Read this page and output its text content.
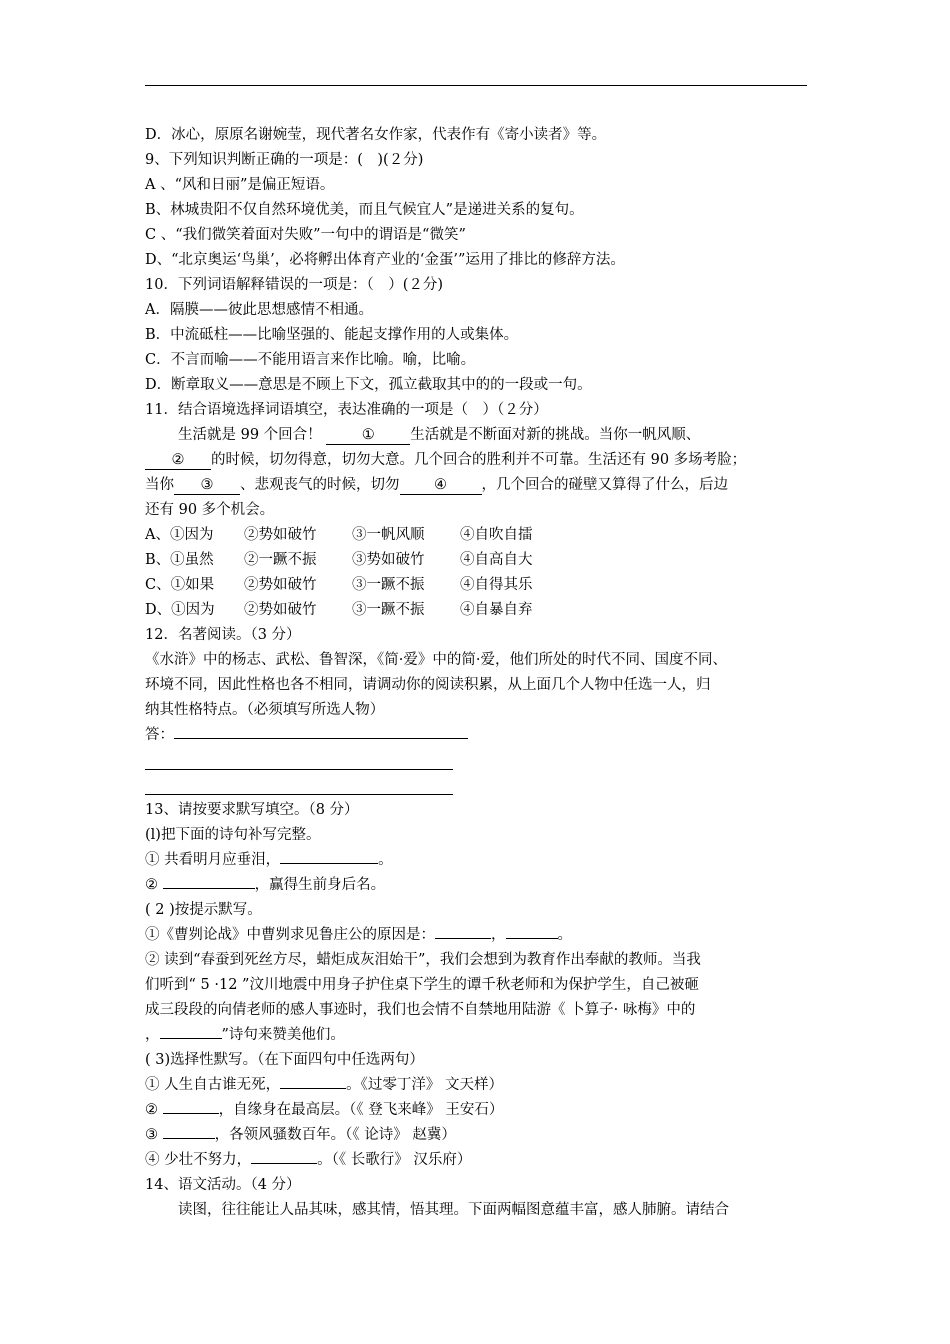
D．冰心，原原名谢婉莹，现代著名女作家，代表作有《寄小读者》等。
9、下列知识判断正确的一项是：(　)(２分)
A 、“风和日丽”是偏正短语。
B、林城贵阳不仅自然环境优美，而且气候宜人”是递进关系的复句。
C 、“我们微笑着面对失败”一句中的谓语是“微笑”
D、“北京奥运‘鸟巢’，必将孵出体育产业的‘金蛋’”运用了排比的修辞方法。
10．下列词语解释错误的一项是：（　）(２分)
A．隔膜——彼此思想感情不相通。
B．中流砥柱——比喻坚强的、能起支撑作用的人或集体。
C．不言而喻——不能用语言来作比喻。喻，比喻。
D．断章取义——意思是不顾上下文，孤立截取其中的的一段或一句。
11．结合语境选择词语填空，表达准确的一项是（　）（２分）
生活就是 99 个回合！	① 生活就是不断面对新的挑战。当你一帆风顺、
② 的时候，切勿得意，切勿大意。几个回合的胜利并不可靠。生活还有 90 多场考脸；
当你 ③ 、悲观丧气的时候，切勿 ④ ，几个回合的碰壁又算得了什么，后边
还有 90 多个机会。
A、①因为 ②势如破竹 ③一帆风顺 ④自吹自擂
B、①虽然 ②一蹶不振 ③势如破竹 ④自高自大
C、①如果 ②势如破竹 ③一蹶不振 ④自得其乐
D、①因为 ②势如破竹 ③一蹶不振 ④自暴自弃
12．名著阅读。（3 分）
《水浒》中的杨志、武松、鲁智深，《简·爱》中的简·爱，他们所处的时代不同、国度不同、
环境不同，因此性格也各不相同，请调动你的阅读积累，从上面几个人物中任选一人，归
纳其性格特点。（必须填写所选人物）
答：
13、请按要求默写填空。（8 分）
(l)把下面的诗句补写完整。
① 共看明月应垂泪，	。
②	，赢得生前身后名。
( 2 )按提示默写。
①《曹刿论战》中曹刿求见鲁庄公的原因是：	，	。
② 读到“春蚕到死丝方尽，蜡炬成灰泪始干”，我们会想到为教育作出奉献的教师。当我
们听到“ 5 ·12 ”汶川地震中用身子护住桌下学生的谭千秋老师和为保护学生，自己被砸
成三段段的向倩老师的感人事迹时，我们也会情不自禁地用陆游《 卜算子· 咏梅》中的
，	”诗句来赞美他们。
( 3)选择性默写。（在下面四句中任选两句）
① 人生自古谁无死，	。《过零丁洋》 文天样）
②	，自缘身在最高层。（《 登飞来峰》 王安石）
③	，各领风骚数百年。（《 论诗》 赵冀）
④ 少壮不努力，	。（《 长歌行》 汉乐府）
14、语文活动。（4 分）
读图，往往能让人品其味，感其情，悟其理。下面两幅图意蕴丰富，感人肺腑。请结合
